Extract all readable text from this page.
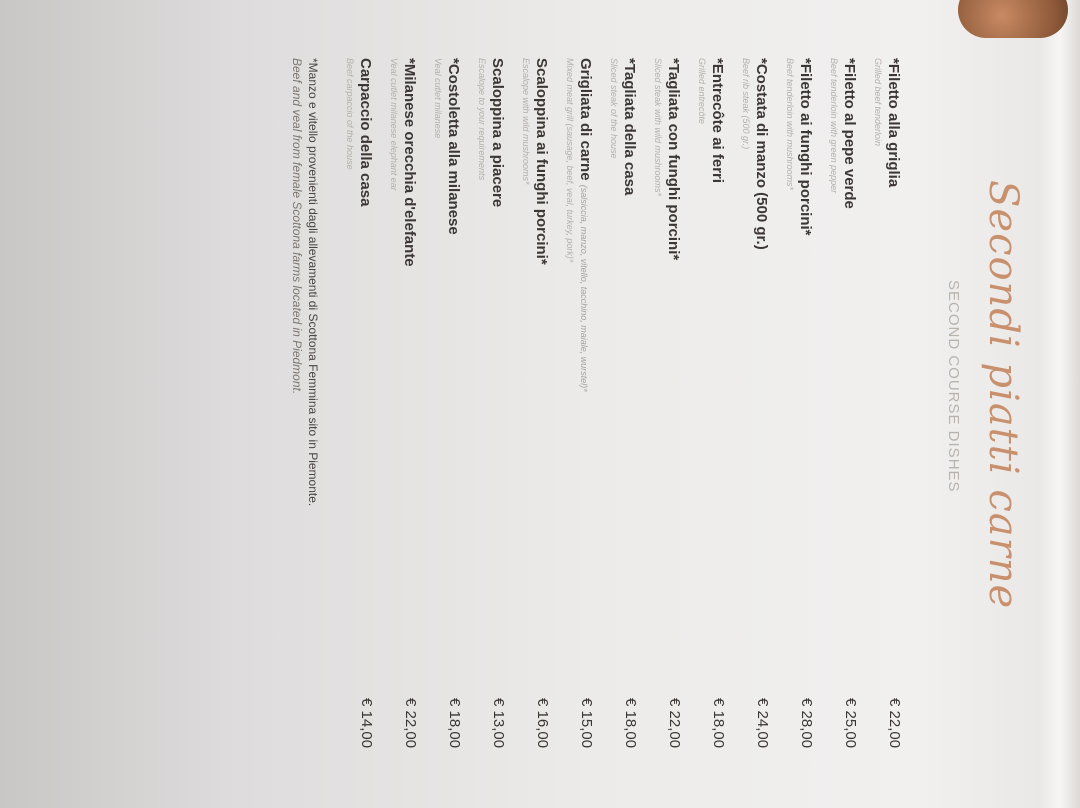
Secondi piatti carne
SECOND COURSE DISHES
*Filetto alla griglia
Grilled beef tenderloin
€ 22,00
*Filetto al pepe verde
Beef tenderloin with green pepper
€ 25,00
*Filetto ai funghi porcini*
Beef tenderloin with mushrooms*
€ 28,00
*Costata di manzo (500 gr.)
Beef rib steak (500 gr.)
€ 24,00
*Entrecôte ai ferri
Grilled entrecôte
€ 18,00
*Tagliata con funghi porcini*
Sliced steak with wild mushrooms*
€ 22,00
*Tagliata della casa
Sliced steak of the house
€ 18,00
Grigliata di carne (salsiccia, manzo, vitello, tacchino, maiale, wurstel)*
Mixed meat grill (sausage, beef, veal, turkey, pork)*
€ 15,00
Scaloppina ai funghi porcini*
Escalope with wild mushrooms*
€ 16,00
Scaloppina a piacere
Escalope to your requirements
€ 13,00
*Costoletta alla milanese
Veal cutlet milanese
€ 18,00
*Milanese orecchia d'elefante
Veal cutlet milanese elephant ear
€ 22,00
Carpaccio della casa
Beef carpaccio of the house
€ 14,00
*Manzo e vitello provenienti dagli allevamenti di Scottona Femmina sito in Piemonte.
Beef and veal from female Scottona farms located in Piedmont.
